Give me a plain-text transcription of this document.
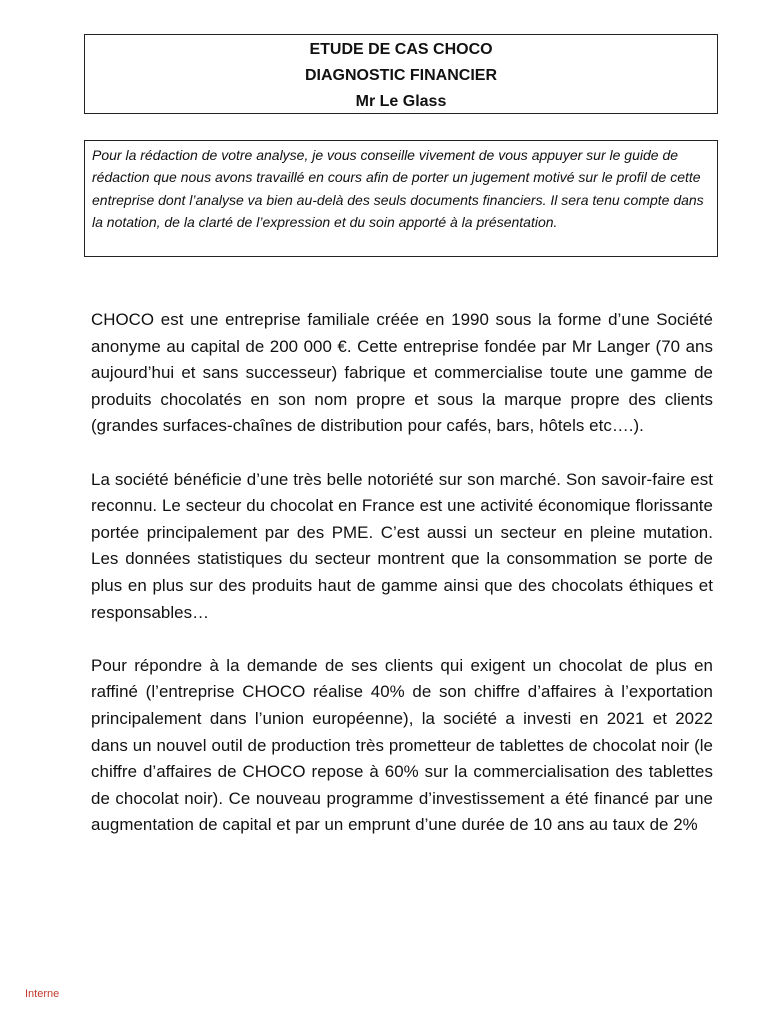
ETUDE DE CAS CHOCO
DIAGNOSTIC FINANCIER
Mr Le Glass
Pour la rédaction de votre analyse, je vous conseille vivement de vous appuyer sur le guide de rédaction que nous avons travaillé en cours afin de porter un jugement motivé sur le profil de cette entreprise dont l’analyse va bien au-delà des seuls documents financiers. Il sera tenu compte dans la notation, de la clarté de l’expression et du soin apporté à la présentation.

CHOCO est une entreprise familiale créée en 1990 sous la forme d’une Société anonyme au capital de 200 000 €. Cette entreprise fondée par Mr Langer (70 ans aujourd’hui et sans successeur) fabrique et commercialise toute une gamme de produits chocolatés en son nom propre et sous la marque propre des clients (grandes surfaces-chaînes de distribution pour cafés, bars, hôtels etc….).

La société bénéficie d’une très belle notoriété sur son marché. Son savoir-faire est reconnu. Le secteur du chocolat en France est une activité économique florissante portée principalement par des PME. C’est aussi un secteur en pleine mutation. Les données statistiques du secteur montrent que la consommation se porte de plus en plus sur des produits haut de gamme ainsi que des chocolats éthiques et responsables…

Pour répondre à la demande de ses clients qui exigent un chocolat de plus en raffiné (l’entreprise CHOCO réalise 40% de son chiffre d’affaires à l’exportation principalement dans l’union européenne), la société a investi en 2021 et 2022 dans un nouvel outil de production très prometteur de tablettes de chocolat noir (le chiffre d’affaires de CHOCO repose à 60% sur la commercialisation des tablettes de chocolat noir). Ce nouveau programme d’investissement a été financé par une augmentation de capital et par un emprunt d’une durée de 10 ans au taux de 2%

Interne
